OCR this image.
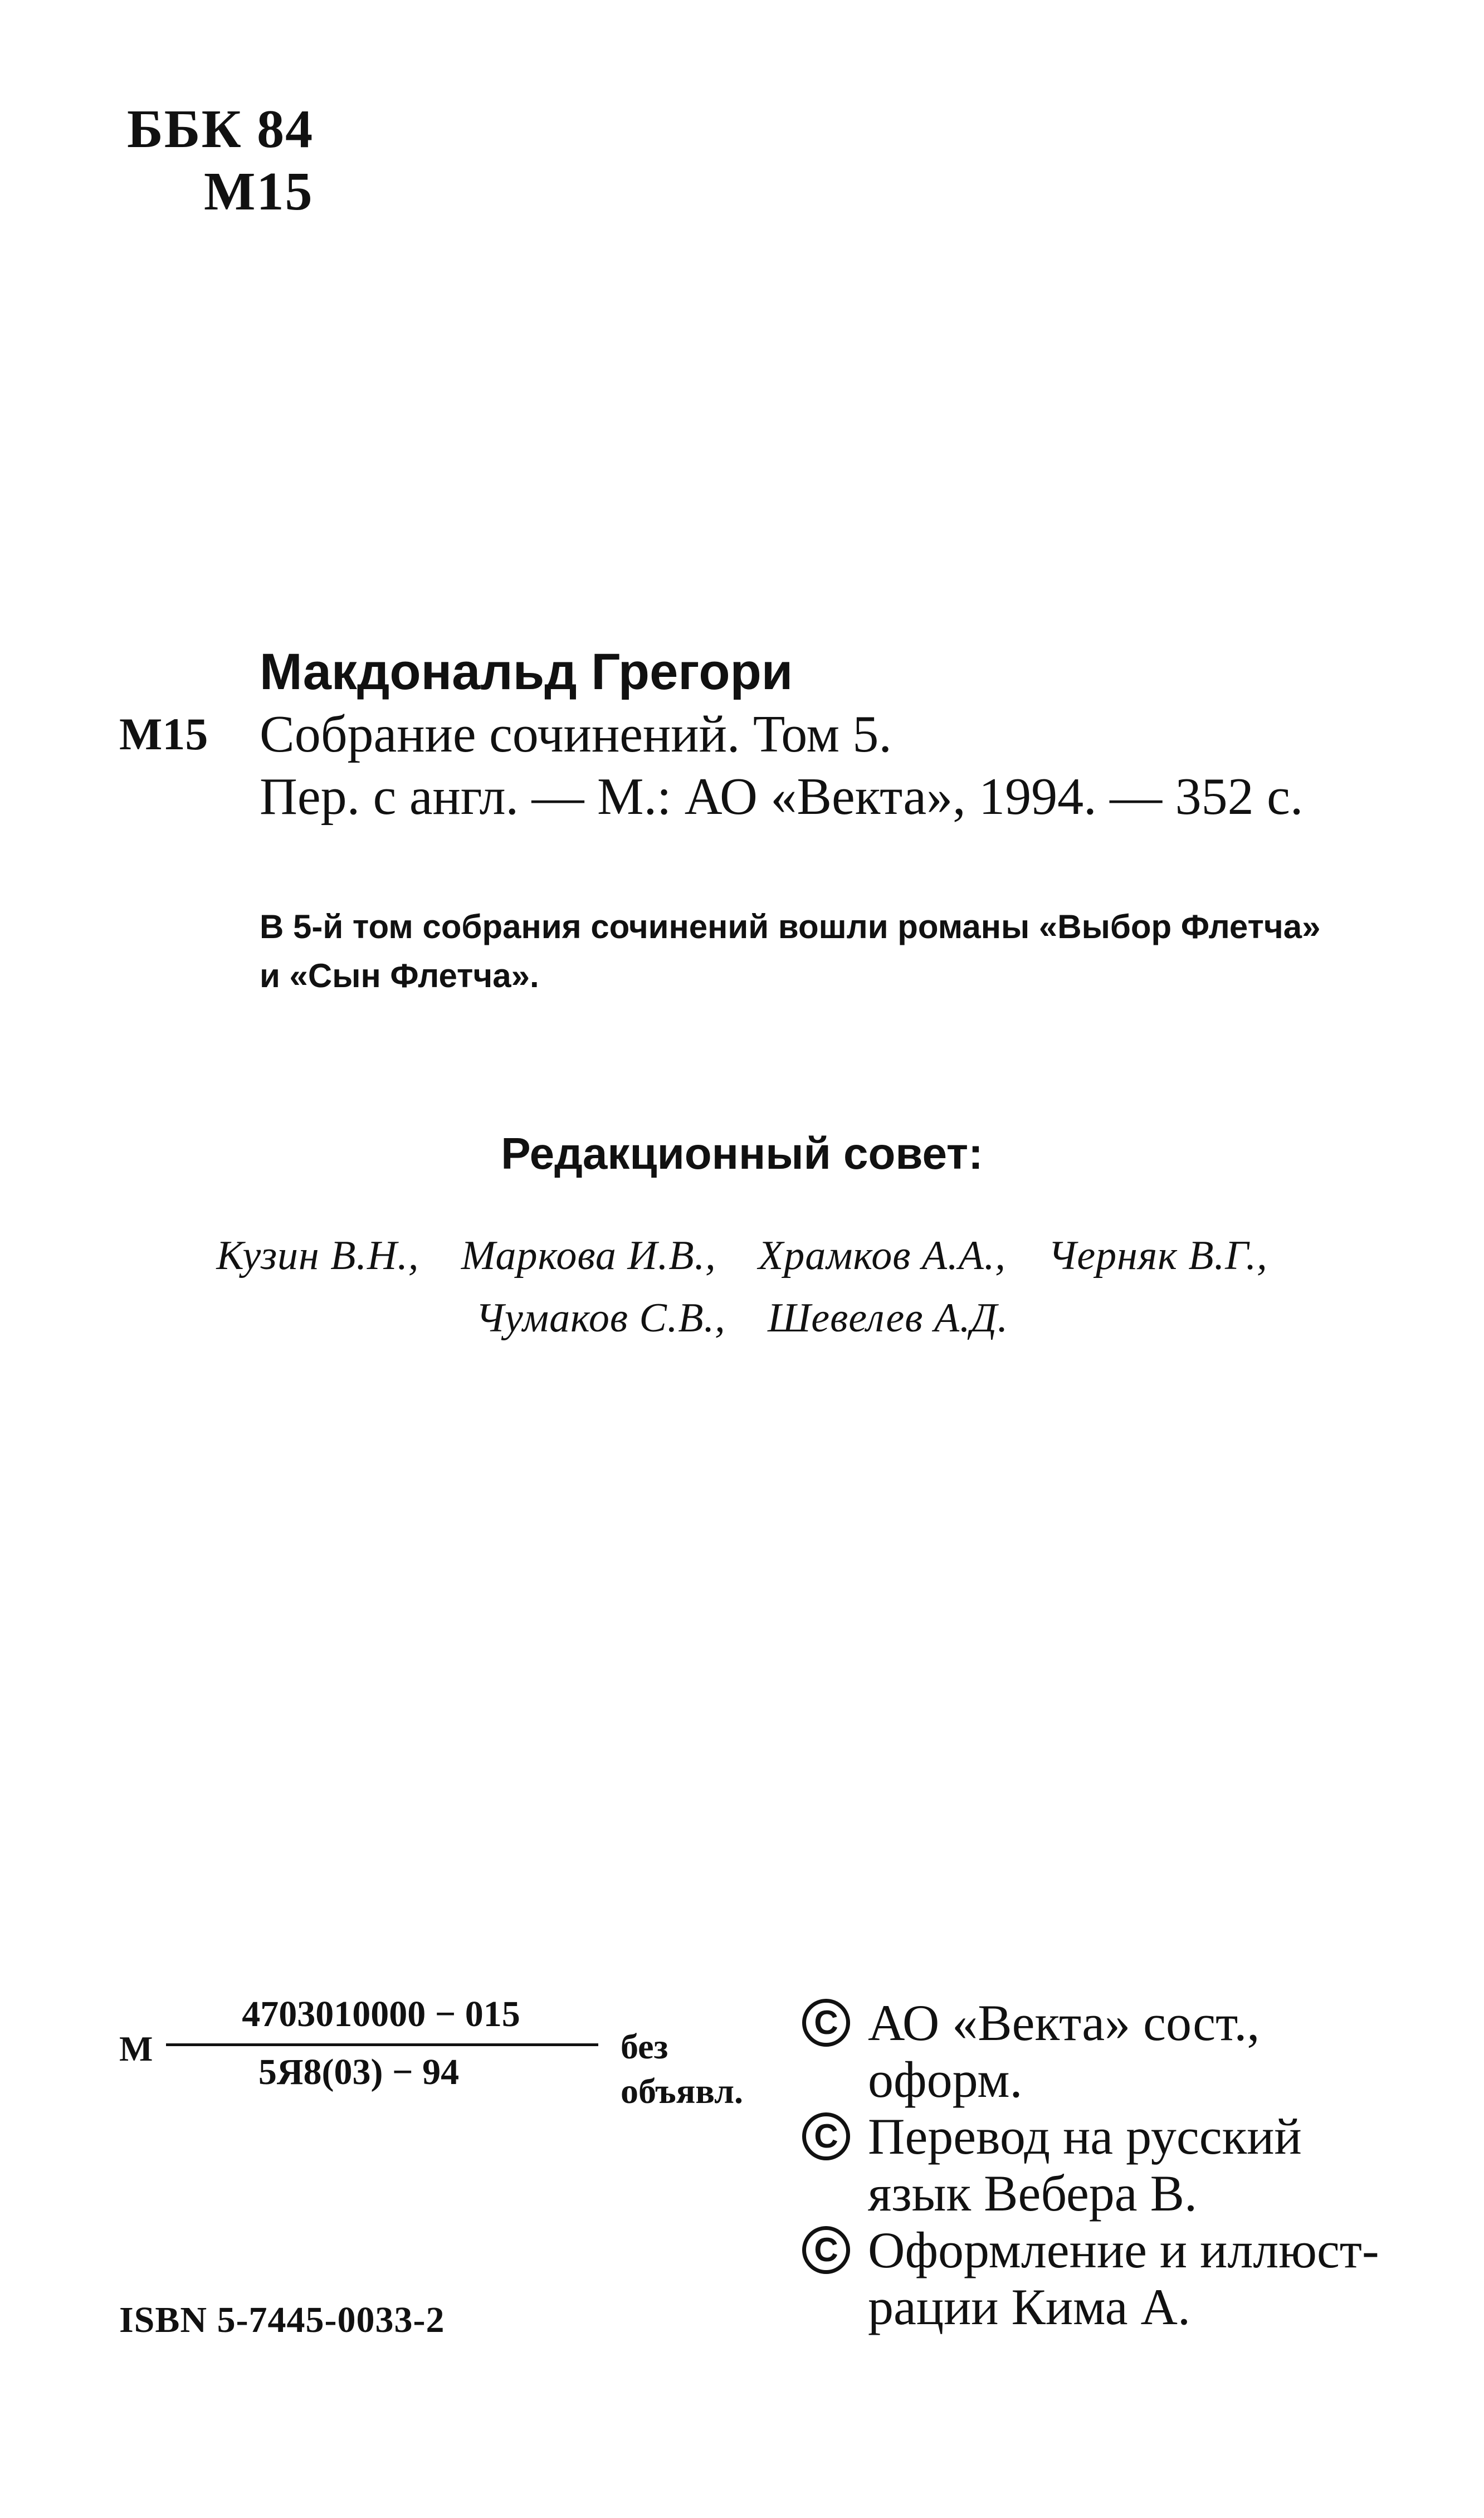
ББК 84
М15
Макдональд Грегори
М15 Собрание сочинений. Том 5.
Пер. с англ. — М.: АО «Векта», 1994. — 352 с.
В 5-й том собрания сочинений вошли романы «Выбор Флетча»
и «Сын Флетча».
Редакционный совет:
Кузин В.Н., Маркова И.В., Храмков А.А., Черняк В.Г.,
Чумаков С.В., Шевелев А.Д.
М
4703010000 − 015
5Я8(03) − 94
без объявл.
ISBN 5-7445-0033-2
C АО «Векта» сост.,
оформ.
C Перевод на русский
язык Вебера В.
C Оформление и иллюст-
рации Кима А.
